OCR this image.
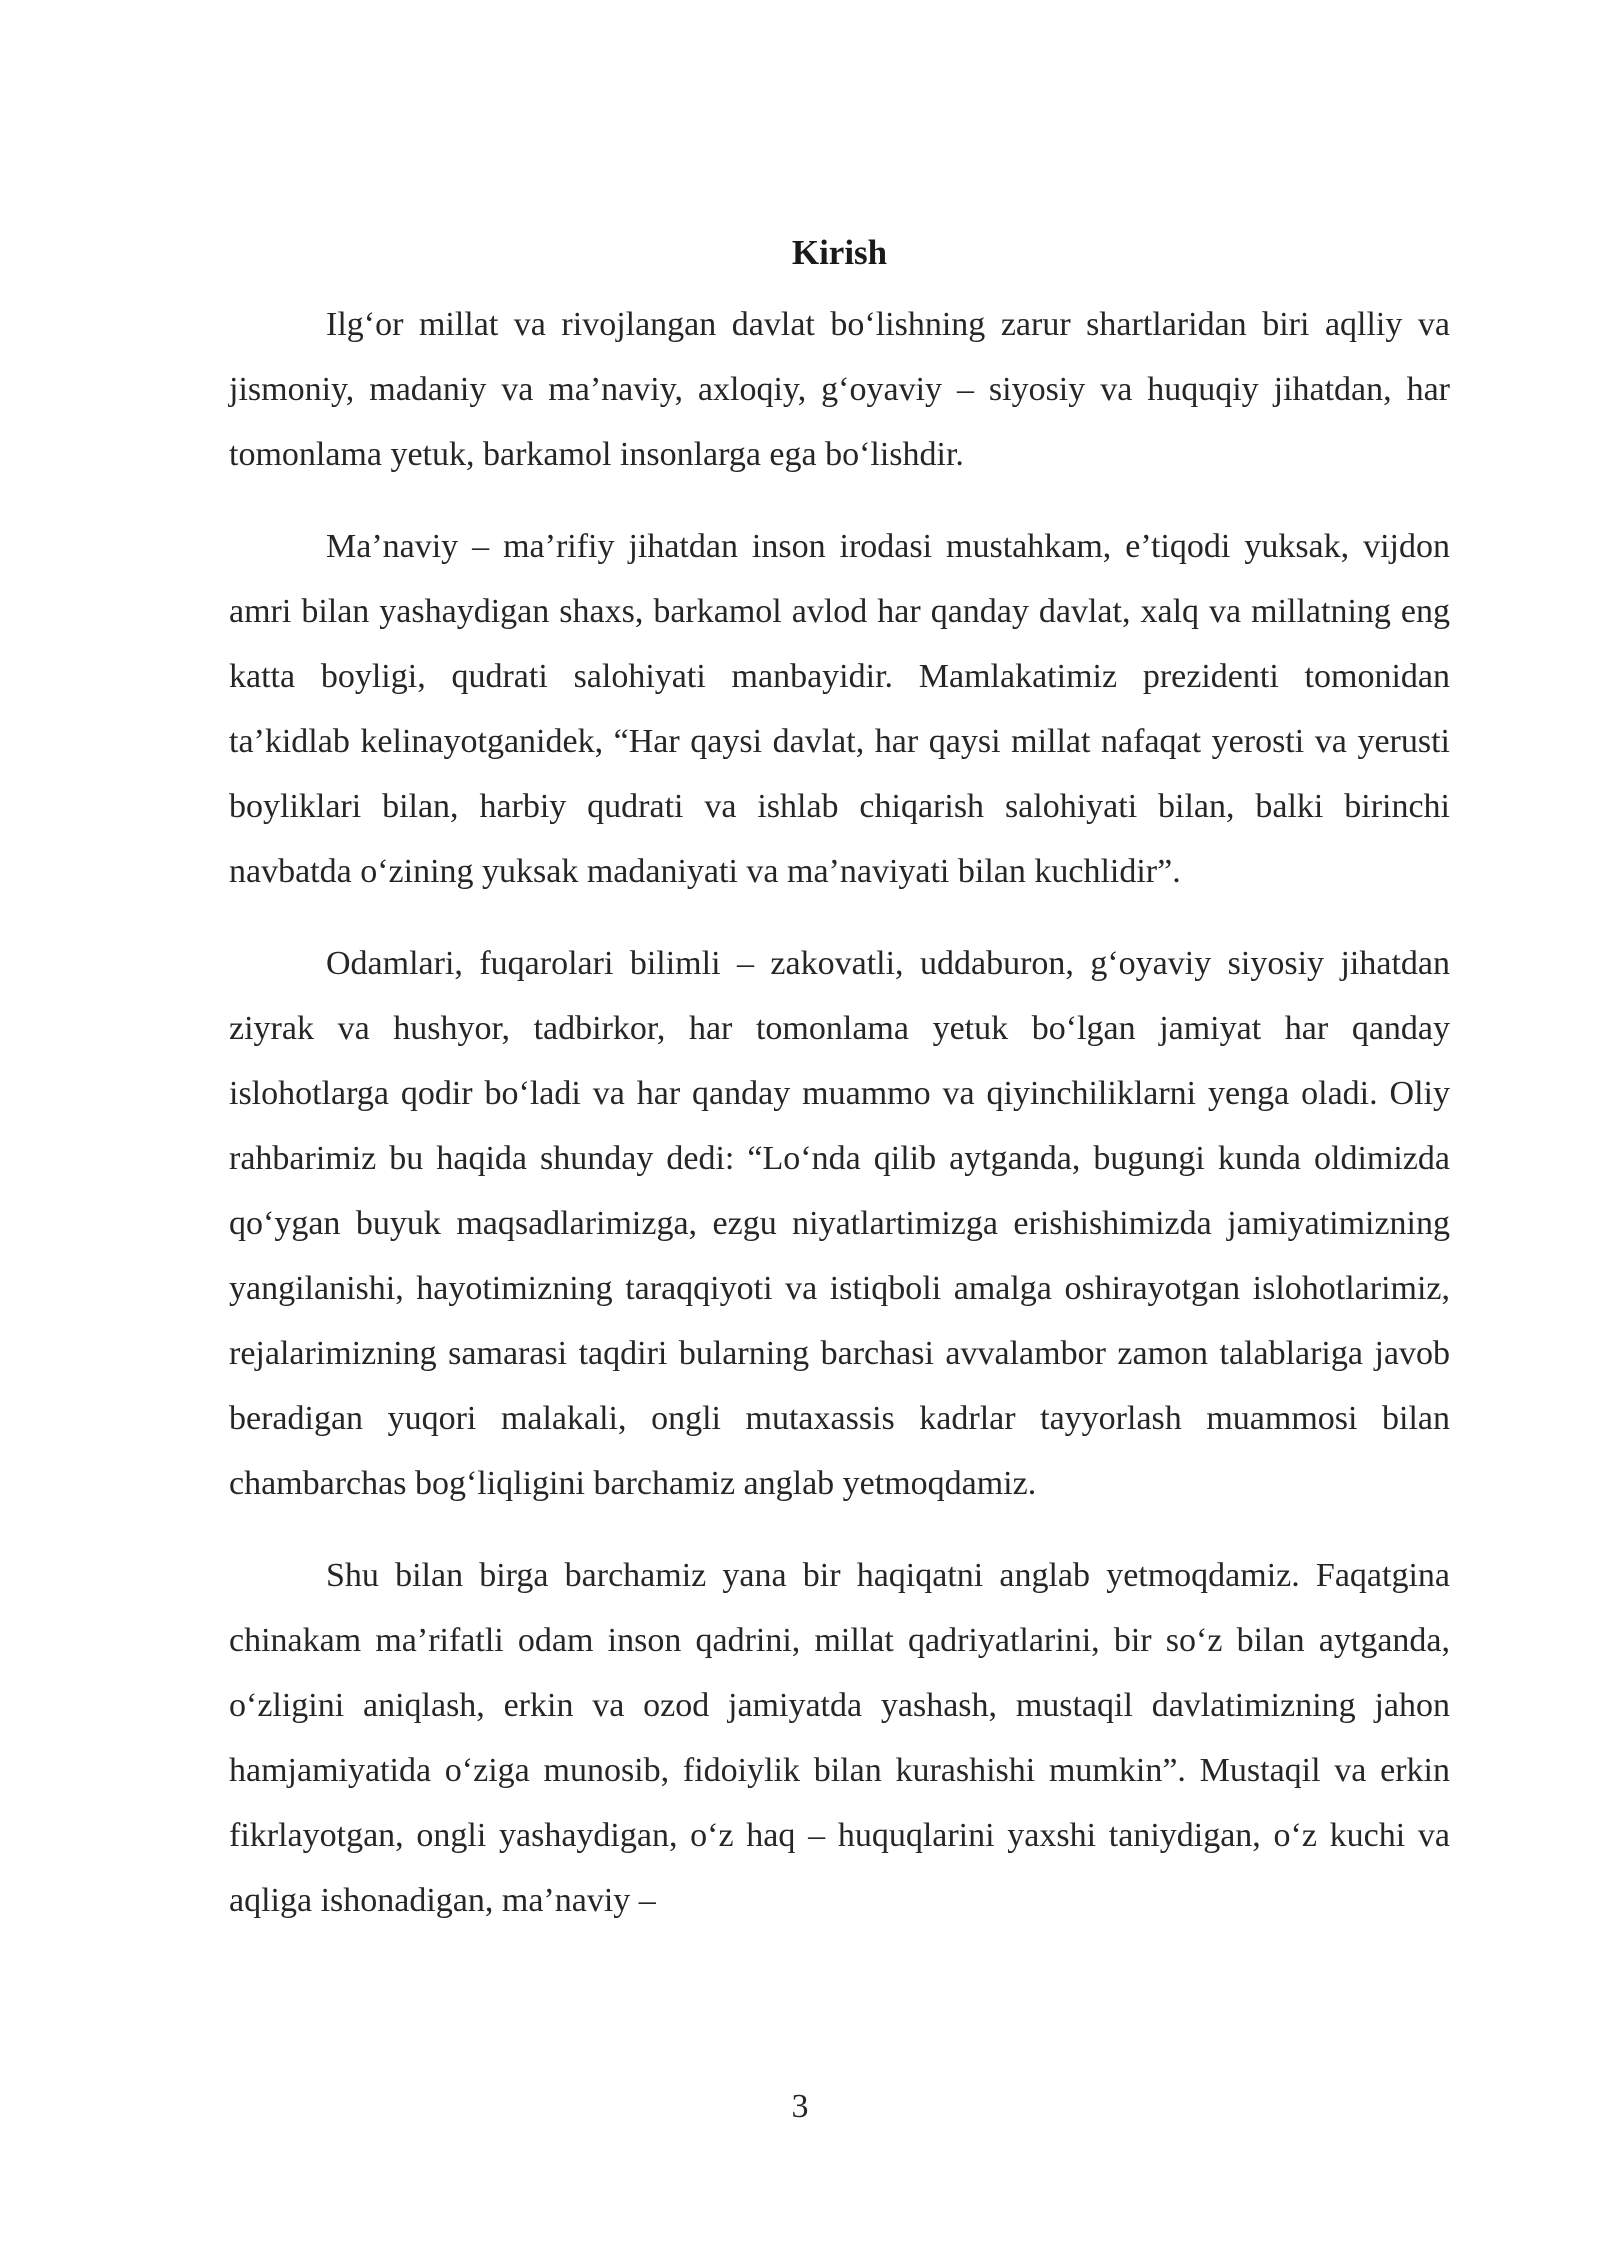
Kirish

Ilg‘or millat va rivojlangan davlat bo‘lishning zarur shartlaridan biri aqlliy va jismoniy, madaniy va ma’naviy, axloqiy, g‘oyaviy – siyosiy va huquqiy jihatdan, har tomonlama yetuk, barkamol insonlarga ega bo‘lishdir.

Ma’naviy – ma’rifiy jihatdan inson irodasi mustahkam, e’tiqodi yuksak, vijdon amri bilan yashaydigan shaxs, barkamol avlod har qanday davlat, xalq va millatning eng katta boyligi, qudrati salohiyati manbayidir. Mamlakatimiz prezidenti tomonidan ta’kidlab kelinayotganidek, “Har qaysi davlat, har qaysi millat nafaqat yerosti va yerusti boyliklari bilan, harbiy qudrati va ishlab chiqarish salohiyati bilan, balki birinchi navbatda o‘zining yuksak madaniyati va ma’naviyati bilan kuchlidir”.

Odamlari, fuqarolari bilimli – zakovatli, uddaburon, g‘oyaviy siyosiy jihatdan ziyrak va hushyor, tadbirkor, har tomonlama yetuk bo‘lgan jamiyat har qanday islohotlarga qodir bo‘ladi va har qanday muammo va qiyinchiliklarni yenga oladi. Oliy rahbarimiz bu haqida shunday dedi: “Lo‘nda qilib aytganda, bugungi kunda oldimizda qo‘ygan buyuk maqsadlarimizga, ezgu niyatlartimizga erishishimizda jamiyatimizning yangilanishi, hayotimizning taraqqiyoti va istiqboli amalga oshirayotgan islohotlarimiz, rejalarimizning samarasi taqdiri bularning barchasi avvalambor zamon talablariga javob beradigan yuqori malakali, ongli mutaxassis kadrlar tayyorlash muammosi bilan chambarchas bog‘liqligini barchamiz anglab yetmoqdamiz.

Shu bilan birga barchamiz yana bir haqiqatni anglab yetmoqdamiz. Faqatgina chinakam ma’rifatli odam inson qadrini, millat qadriyatlarini, bir so‘z bilan aytganda, o‘zligini aniqlash, erkin va ozod jamiyatda yashash, mustaqil davlatimizning jahon hamjamiyatida o‘ziga munosib, fidoiylik bilan kurashishi mumkin”. Mustaqil va erkin fikrlayotgan, ongli yashaydigan, o‘z haq – huquqlarini yaxshi taniydigan, o‘z kuchi va aqliga ishonadigan, ma’naviy –

3
